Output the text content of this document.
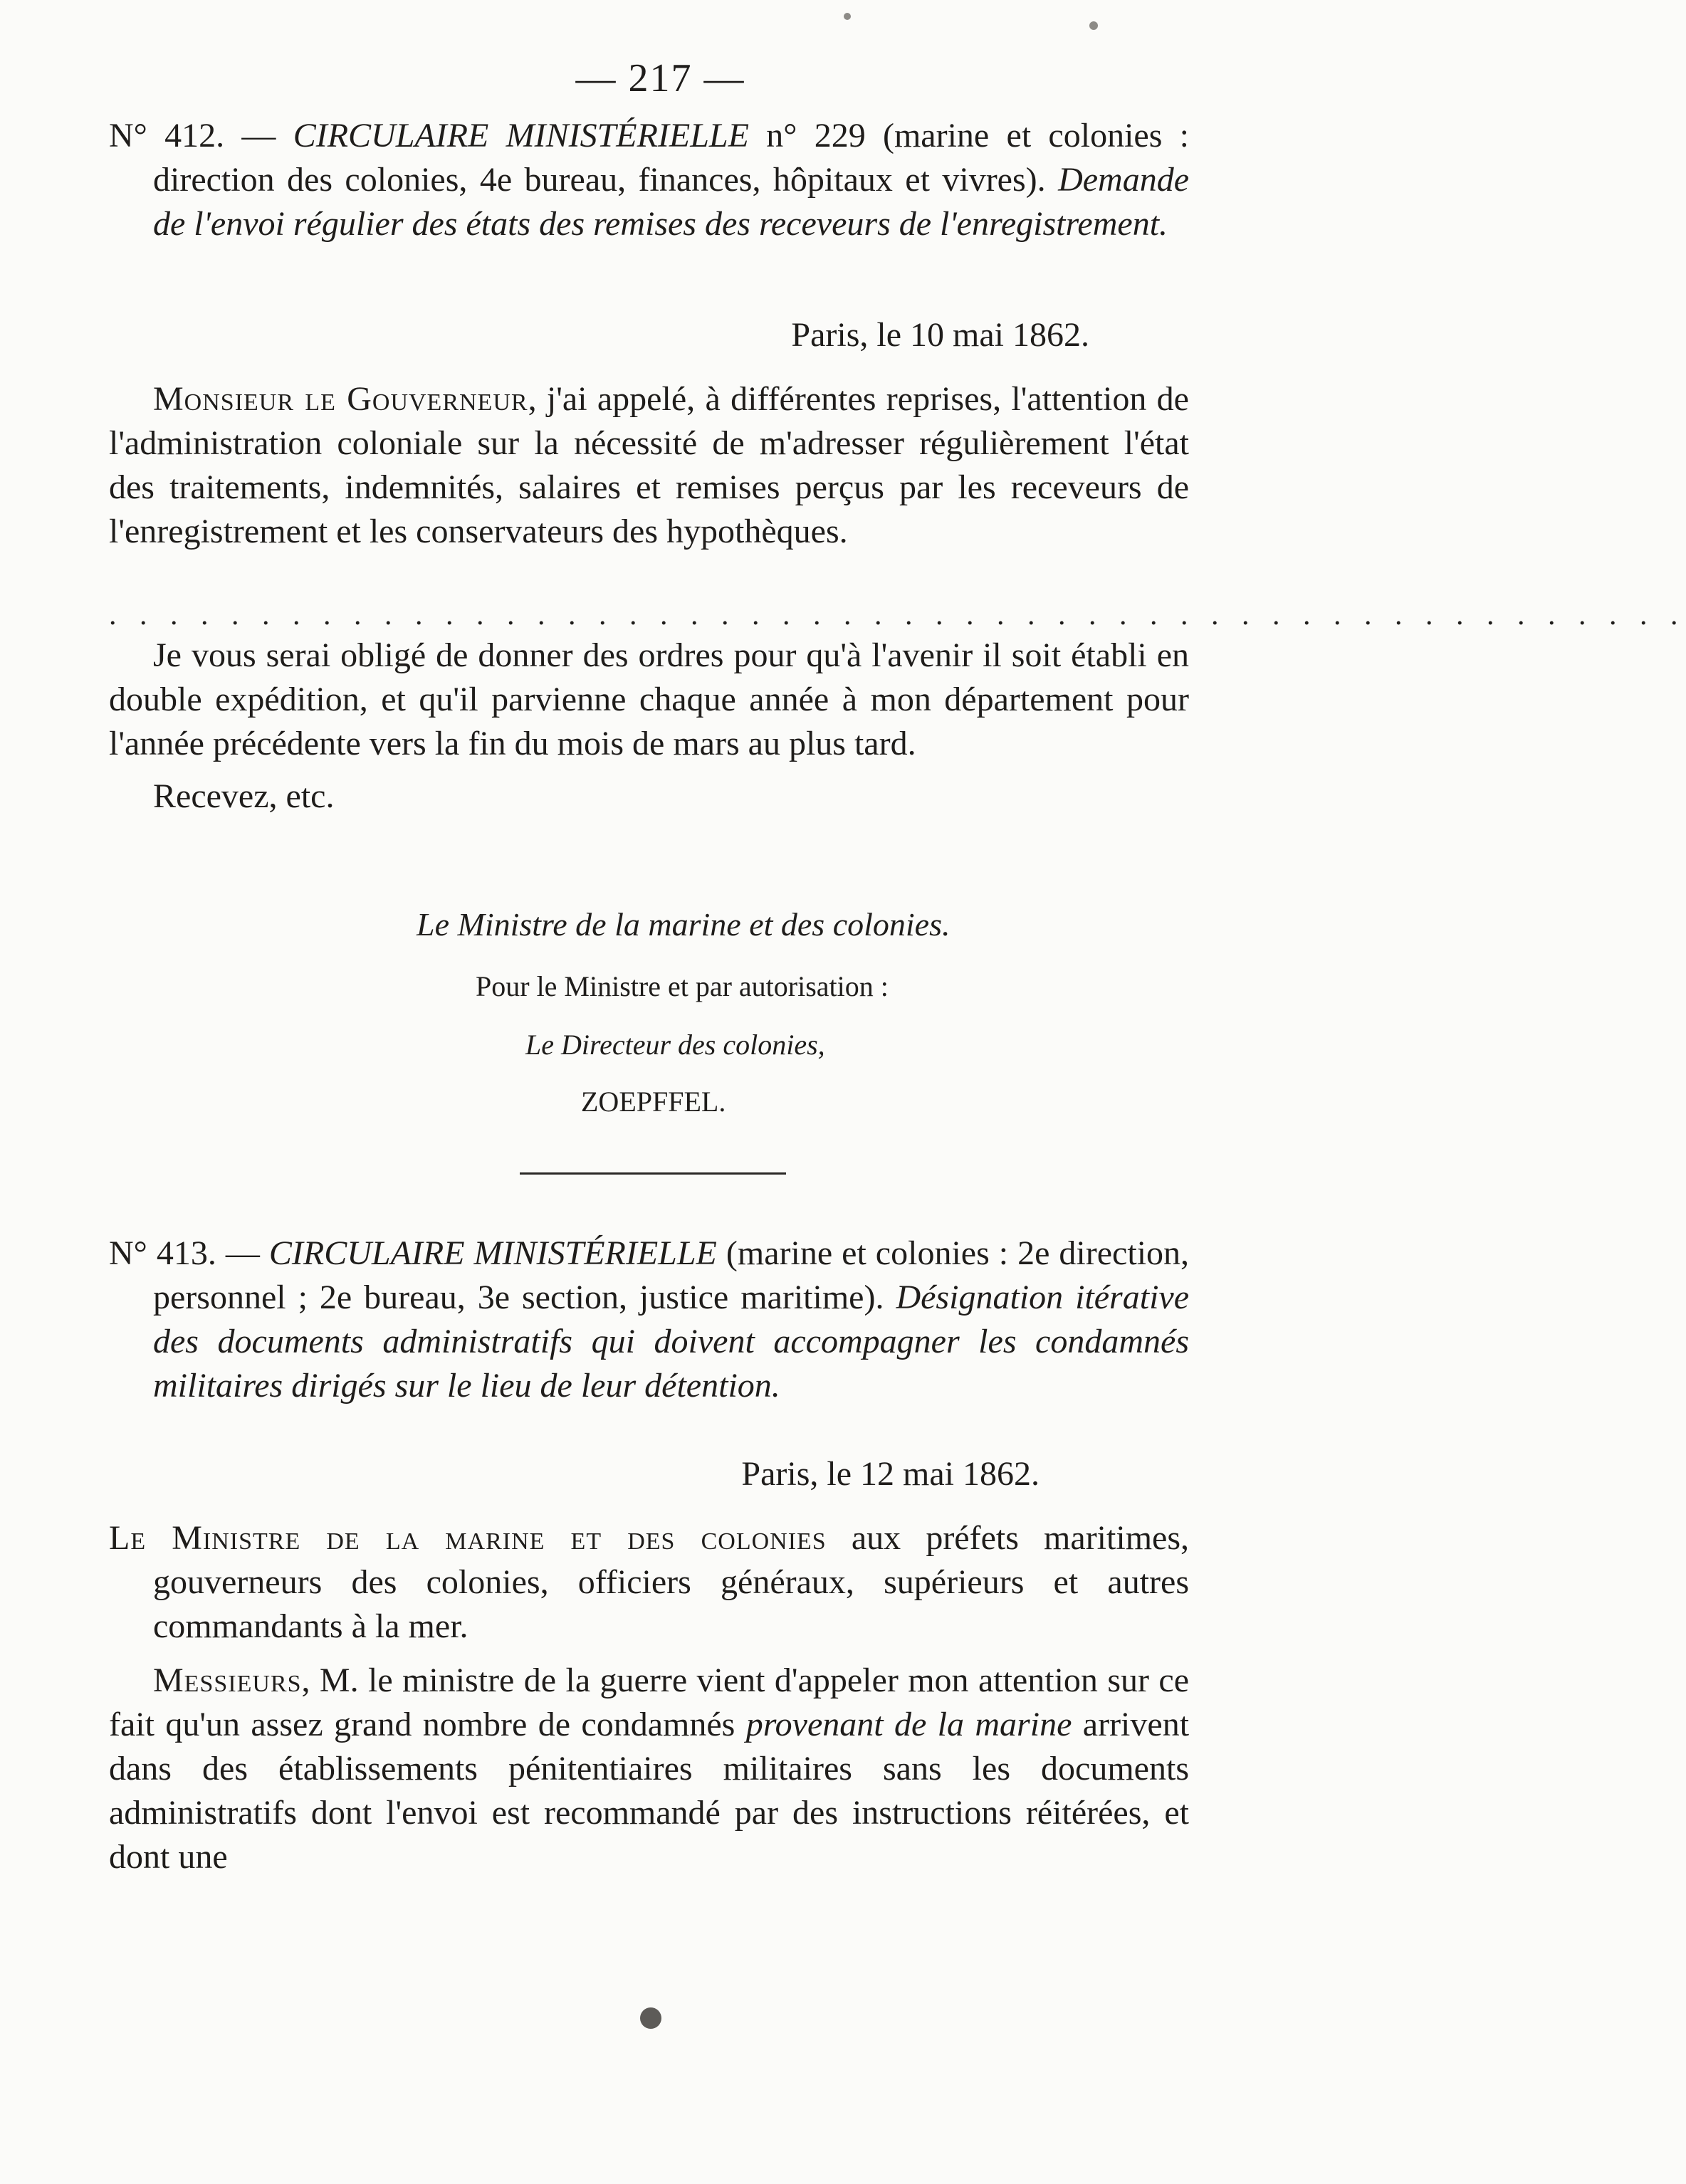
— 217 —

N° 412. — CIRCULAIRE MINISTÉRIELLE n° 229 (marine et colonies : direction des colonies, 4e bureau, finances, hôpitaux et vivres). Demande de l'envoi régulier des états des remises des receveurs de l'enregistrement.

Paris, le 10 mai 1862.

Monsieur le Gouverneur, j'ai appelé, à différentes reprises, l'attention de l'administration coloniale sur la nécessité de m'adresser régulièrement l'état des traitements, indemnités, salaires et remises perçus par les receveurs de l'enregistrement et les conservateurs des hypothèques.

. . . . . . . . . . . . . . . . . . . . . . . . . . . . . . . . . . . . . . . . . . . . . . . . . . . .

Je vous serai obligé de donner des ordres pour qu'à l'avenir il soit établi en double expédition, et qu'il parvienne chaque année à mon département pour l'année précédente vers la fin du mois de mars au plus tard.

Recevez, etc.

Le Ministre de la marine et des colonies.
Pour le Ministre et par autorisation :
Le Directeur des colonies,
ZOEPFFEL.

N° 413. — CIRCULAIRE MINISTÉRIELLE (marine et colonies : 2e direction, personnel ; 2e bureau, 3e section, justice maritime). Désignation itérative des documents administratifs qui doivent accompagner les condamnés militaires dirigés sur le lieu de leur détention.

Paris, le 12 mai 1862.

Le Ministre de la marine et des colonies aux préfets maritimes, gouverneurs des colonies, officiers généraux, supérieurs et autres commandants à la mer.

Messieurs, M. le ministre de la guerre vient d'appeler mon attention sur ce fait qu'un assez grand nombre de condamnés provenant de la marine arrivent dans des établissements pénitentiaires militaires sans les documents administratifs dont l'envoi est recommandé par des instructions réitérées, et dont une
